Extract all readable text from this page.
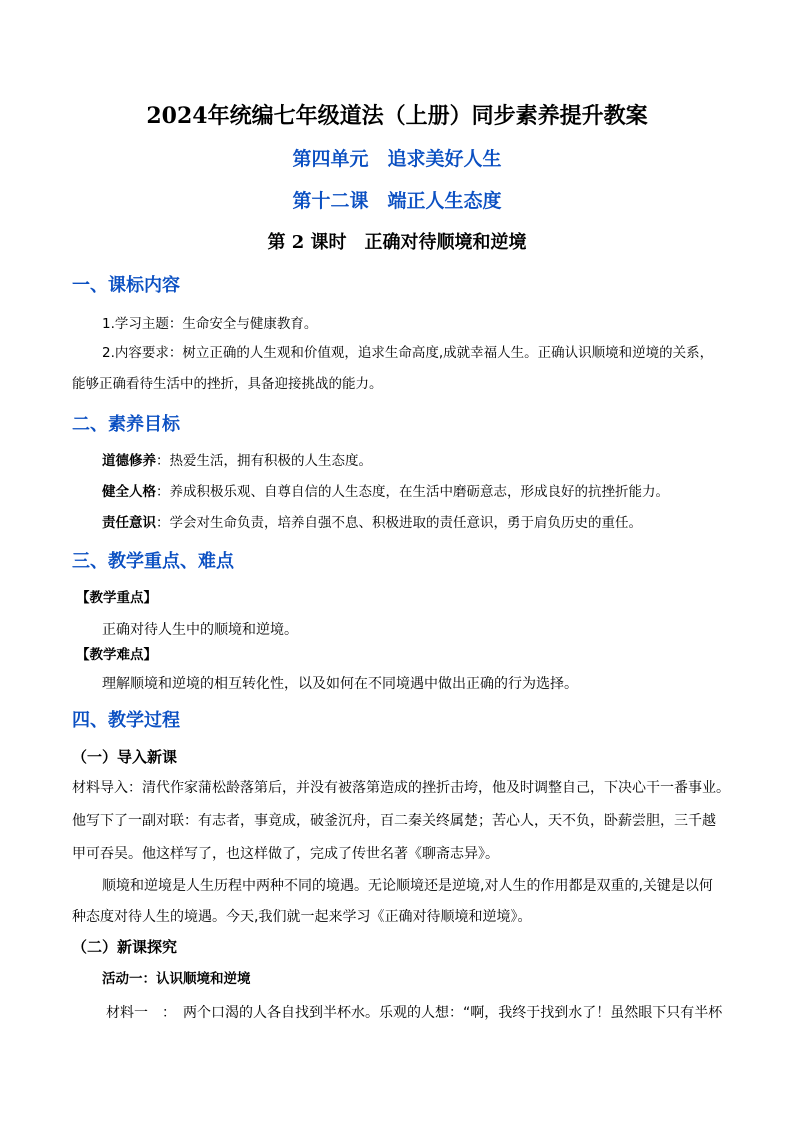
2024年统编七年级道法（上册）同步素养提升教案
第四单元　追求美好人生
第十二课　端正人生态度
第 2 课时　正确对待顺境和逆境
一、课标内容
1.学习主题：生命安全与健康教育。
2.内容要求：树立正确的人生观和价值观，追求生命高度,成就幸福人生。正确认识顺境和逆境的关系，
能够正确看待生活中的挫折，具备迎接挑战的能力。
二、素养目标
道德修养：热爱生活，拥有积极的人生态度。
健全人格：养成积极乐观、自尊自信的人生态度，在生活中磨砺意志，形成良好的抗挫折能力。
责任意识：学会对生命负责，培养自强不息、积极进取的责任意识，勇于肩负历史的重任。
三、教学重点、难点
【教学重点】
正确对待人生中的顺境和逆境。
【教学难点】
理解顺境和逆境的相互转化性，以及如何在不同境遇中做出正确的行为选择。
四、教学过程
（一）导入新课
材料导入：清代作家蒲松龄落第后，并没有被落第造成的挫折击垮，他及时调整自己，下决心干一番事业。
他写下了一副对联：有志者，事竟成，破釜沉舟，百二秦关终属楚；苦心人，天不负，卧薪尝胆，三千越
甲可吞吴。他这样写了，也这样做了，完成了传世名著《聊斋志异》。
顺境和逆境是人生历程中两种不同的境遇。无论顺境还是逆境,对人生的作用都是双重的,关键是以何
种态度对待人生的境遇。今天,我们就一起来学习《正确对待顺境和逆境》。
（二）新课探究
活动一：认识顺境和逆境
材料一　：　两个口渴的人各自找到半杯水。乐观的人想：“啊，我终于找到水了！虽然眼下只有半杯
